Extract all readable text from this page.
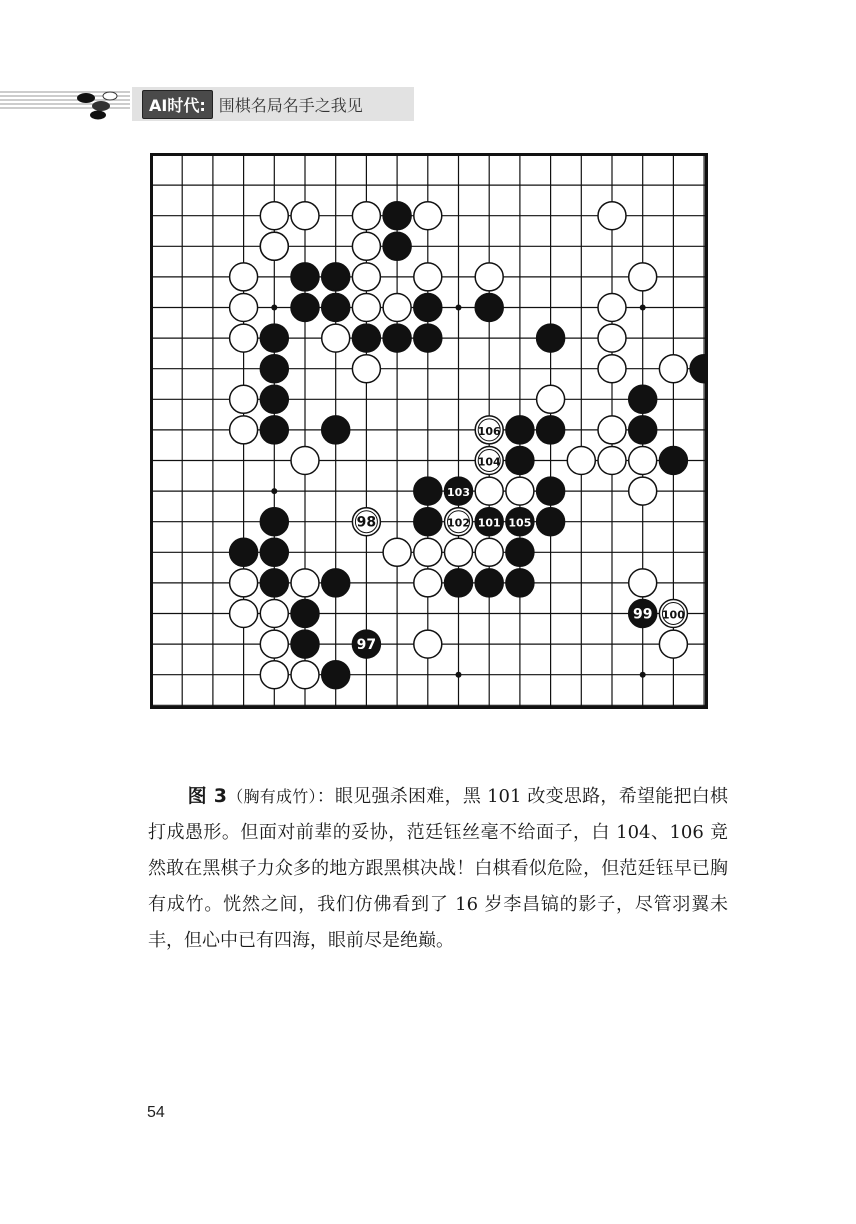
AI时代: 围棋名局名手之我见
97
98
99 100
101
102
103
104
105
106
图 3（胸有成竹）：眼见强杀困难，黑 101 改变思路，希望能把白棋打成愚形。但面对前辈的妥协，范廷钰丝毫不给面子，白 104、106 竟然敢在黑棋子力众多的地方跟黑棋决战！白棋看似危险，但范廷钰早已胸有成竹。恍然之间，我们仿佛看到了 16 岁李昌镐的影子，尽管羽翼未丰，但心中已有四海，眼前尽是绝巅。
54
